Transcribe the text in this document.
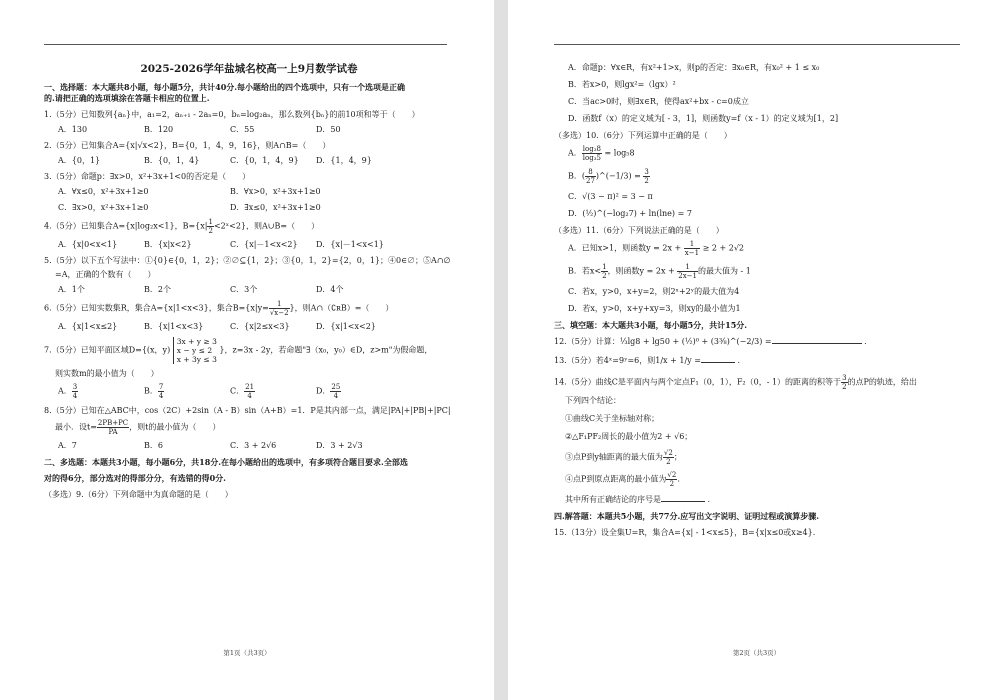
2025-2026学年盐城名校高一上9月数学试卷
一、选择题：本大题共8小题，每小题5分，共计40分.每小题给出的四个选项中，只有一个选项是正确
的.请把正确的选项填涂在答题卡相应的位置上.
1.（5分）已知数列{aₙ}中，a₁=2，aₙ₊₁ - 2aₙ=0，bₙ=log₂aₙ，那么数列{bₙ}的前10项和等于（　　）
A．130	B．120	C．55	D．50
2.（5分）已知集合A={x|√x<2}，B={0，1，4，9，16}，则A∩B=（　　）
A．{0，1}	B．{0，1，4}	C．{0，1，4，9}	D．{1，4，9}
3.（5分）命题p：∃x>0，x²+3x+1<0的否定是（　　）
A．∀x≤0，x²+3x+1≥0	B．∀x>0，x²+3x+1≥0
C．∃x>0，x²+3x+1≥0	D．∃x≤0，x²+3x+1≥0
4.（5分）已知集合A={x|log₂x<1}，$B=\{x| \frac{1}{2}$ <2ˣ<2}，则A∪B=（　　）
A．{x|0<x<1}	B．{x|x<2}	C．{x|－1<x<2}	D．{x|－1<x<1}
5.（5分）以下五个写法中：①{0}∈{0，1，2}；②∅⊆{1，2}；③{0，1，2}={2，0，1}；④0∈∅；⑤A∩∅
=A，正确的个数有（　　）
A．1个	B．2个	C．3个	D．4个
6.（5分）已知实数集R，集合A={x|1<x<3}，集合$B=\{x|y= \frac{1}{√x-2}$ }，则A∩（∁ʀB）=（　　）
A．{x|1<x≤2}	B．{x|1<x<3}	C．{x|2≤x<3}	D．{x|1<x<2}
7.（5分）已知平面区域D={(x，y)
3x + y ≥ 3
x − y ≤ 2
x + 3y ≤ 3
}，z=3x - 2y，若命题"∃（x₀，y₀）∈D，z>m"为假命题，
则实数m的最小值为（　　）
A． $\frac{3}{4}$	B． $\frac{7}{4}$	C． $\frac{21}{4}$	D． $\frac{25}{4}$
8.（5分）已知在△ABC中，cos（2C）+2sin（A - B）sin（A+B）=1．P是其内部一点，满足|PA|+|PB|+|PC|
最小．设$t= \frac{2PB+PC}{PA}$ ，则t的最小值为（　　）
A．7	B．6	C．3 + 2√6	D．3 + 2√3
二、多选题：本题共3小题，每小题6分，共18分.在每小题给出的选项中，有多项符合题目要求.全部选
对的得6分，部分选对的得部分分，有选错的得0分.
（多选）9.（6分）下列命题中为真命题的是（　　）
第1页（共3页）
A．命题p：∀x∈R，有x²+1>x，则p的否定：∃x₀∈R，有x₀² + 1 ≤ x₀
B．若x>0，则lgx²=（lgx）²
C．当ac>0时，则∃x∈R，使得ax²+bx - c=0成立
D．函数f（x）的定义域为[ - 3，1]，则函数y=f（x - 1）的定义域为[1，2]
（多选）10.（6分）下列运算中正确的是（　　）
A． $\frac{\text{log₃8}}{\text{log₃5}} = \log_58$
B．( $\frac{8}{27}$ )^(−1/3) = $\frac{3}{2}$
C．√(3 − π)² = 3 − π
D．(½)^(−log₂7) + ln(lne) = 7
（多选）11.（6分）下列说法正确的是（　　）
A．已知x>1，则函数$y = 2x + \frac{1}{x-1} \ge 2 + 2√2$
B．若$x< \frac{1}{2}$ ，则函数$y = 2x + \frac{1}{2x-1}$ 的最大值为 - 1
C．若x，y>0，x+y=2，则2ˣ+2ʸ的最大值为4
D．若x，y>0，x+y+xy=3，则xy的最小值为1
三、填空题：本大题共3小题，每小题5分，共计15分.
12.（5分）计算：⅓lg8 + lg50 + (½)⁰ + (3³⁄₈)^(−2/3) =	.
13.（5分）若4ˣ=9ʸ=6，则1/x + 1/y =	.
14.（5分）曲线C是平面内与两个定点F₁（0，1），F₂（0，- 1）的距离的积等于 $\frac{3}{2}$ 的点P的轨迹，给出
下列四个结论：
①曲线C关于坐标轴对称；
②△F₁PF₂周长的最小值为2 + √6；
③点P到y轴距离的最大值为 $\frac{√2}{2}$ ；
④点P到原点距离的最小值为 $\frac{√2}{2}$ .
其中所有正确结论的序号是	.
四.解答题：本题共5小题，共77分.应写出文字说明、证明过程或演算步骤.
15.（13分）设全集U=R，集合A={x| - 1<x≤5}，B={x|x≤0或x≥4}.
第2页（共3页）
